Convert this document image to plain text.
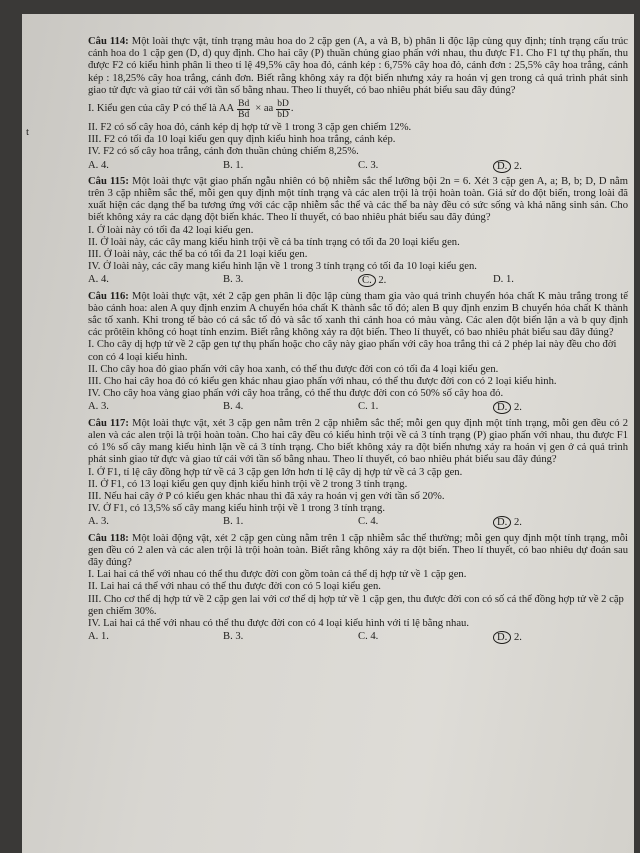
t

Câu 114: Một loài thực vật, tính trạng màu hoa do 2 cặp gen (A, a và B, b) phân li độc lập cùng quy định; tính trạng cấu trúc cánh hoa do 1 cặp gen (D, d) quy định. Cho hai cây (P) thuần chủng giao phấn với nhau, thu được F1. Cho F1 tự thụ phấn, thu được F2 có kiểu hình phân li theo tỉ lệ 49,5% cây hoa đỏ, cánh kép : 6,75% cây hoa đỏ, cánh đơn : 25,5% cây hoa trắng, cánh kép : 18,25% cây hoa trắng, cánh đơn. Biết rằng không xảy ra đột biến nhưng xảy ra hoán vị gen trong cả quá trình phát sinh giao tử đực và giao tử cái với tần số bằng nhau. Theo lí thuyết, có bao nhiêu phát biểu sau đây đúng?

I. Kiểu gen của cây P có thể là AA $\frac{Bd}{Bd}$ × aa $\frac{bD}{bD}$ .

II. F2 có số cây hoa đỏ, cánh kép dị hợp tử về 1 trong 3 cặp gen chiếm 12%.

III. F2 có tối đa 10 loại kiểu gen quy định kiểu hình hoa trắng, cánh kép.

IV. F2 có số cây hoa trắng, cánh đơn thuần chủng chiếm 8,25%.

A. 4.	B. 1.	C. 3.	D. 2.

Câu 115: Một loài thực vật giao phấn ngẫu nhiên có bộ nhiễm sắc thể lưỡng bội 2n = 6. Xét 3 cặp gen A, a; B, b; D, D nằm trên 3 cặp nhiễm sắc thể, mỗi gen quy định một tính trạng và các alen trội là trội hoàn toàn. Giả sử do đột biến, trong loài đã xuất hiện các dạng thể ba tương ứng với các cặp nhiễm sắc thể và các thể ba này đều có sức sống và khả năng sinh sản. Cho biết không xảy ra các dạng đột biến khác. Theo lí thuyết, có bao nhiêu phát biểu sau đây đúng?

I. Ở loài này có tối đa 42 loại kiểu gen.

II. Ở loài này, các cây mang kiểu hình trội về cả ba tính trạng có tối đa 20 loại kiểu gen.

III. Ở loài này, các thể ba có tối đa 21 loại kiểu gen.

IV. Ở loài này, các cây mang kiểu hình lặn về 1 trong 3 tính trạng có tối đa 10 loại kiểu gen.

A. 4.	B. 3.	C. 2.	D. 1.

Câu 116: Một loài thực vật, xét 2 cặp gen phân li độc lập cùng tham gia vào quá trình chuyển hóa chất K màu trắng trong tế bào cánh hoa: alen A quy định enzim A chuyển hóa chất K thành sắc tố đỏ; alen B quy định enzim B chuyển hóa chất K thành sắc tố xanh. Khi trong tế bào có cả sắc tố đỏ và sắc tố xanh thì cánh hoa có màu vàng. Các alen đột biến lặn a và b quy định các prôtêin không có hoạt tính enzim. Biết rằng không xảy ra đột biến. Theo lí thuyết, có bao nhiêu phát biểu sau đây đúng?

I. Cho cây dị hợp tử về 2 cặp gen tự thụ phấn hoặc cho cây này giao phấn với cây hoa trắng thì cả 2 phép lai này đều cho đời con có 4 loại kiểu hình.

II. Cho cây hoa đỏ giao phấn với cây hoa xanh, có thể thu được đời con có tối đa 4 loại kiểu gen.

III. Cho hai cây hoa đỏ có kiểu gen khác nhau giao phấn với nhau, có thể thu được đời con có 2 loại kiểu hình.

IV. Cho cây hoa vàng giao phấn với cây hoa trắng, có thể thu được đời con có 50% số cây hoa đỏ.

A. 3.	B. 4.	C. 1.	D. 2.

Câu 117: Một loài thực vật, xét 3 cặp gen nằm trên 2 cặp nhiễm sắc thể; mỗi gen quy định một tính trạng, mỗi gen đều có 2 alen và các alen trội là trội hoàn toàn. Cho hai cây đều có kiểu hình trội về cả 3 tính trạng (P) giao phấn với nhau, thu được F1 có 1% số cây mang kiểu hình lặn về cả 3 tính trạng. Cho biết không xảy ra đột biến nhưng xảy ra hoán vị gen ở cả quá trình phát sinh giao tử đực và giao tử cái với tần số bằng nhau. Theo lí thuyết, có bao nhiêu phát biểu sau đây đúng?

I. Ở F1, tỉ lệ cây đồng hợp tử về cả 3 cặp gen lớn hơn tỉ lệ cây dị hợp tử về cả 3 cặp gen.

II. Ở F1, có 13 loại kiểu gen quy định kiểu hình trội về 2 trong 3 tính trạng.

III. Nếu hai cây ở P có kiểu gen khác nhau thì đã xảy ra hoán vị gen với tần số 20%.

IV. Ở F1, có 13,5% số cây mang kiểu hình trội về 1 trong 3 tính trạng.

A. 3.	B. 1.	C. 4.	D. 2.

Câu 118: Một loài động vật, xét 2 cặp gen cùng nằm trên 1 cặp nhiễm sắc thể thường; mỗi gen quy định một tính trạng, mỗi gen đều có 2 alen và các alen trội là trội hoàn toàn. Biết rằng không xảy ra đột biến. Theo lí thuyết, có bao nhiêu dự đoán sau đây đúng?

I. Lai hai cá thể với nhau có thể thu được đời con gồm toàn cá thể dị hợp tử về 1 cặp gen.

II. Lai hai cá thể với nhau có thể thu được đời con có 5 loại kiểu gen.

III. Cho cơ thể dị hợp tử về 2 cặp gen lai với cơ thể dị hợp tử về 1 cặp gen, thu được đời con có số cá thể đồng hợp tử về 2 cặp gen chiếm 30%.

IV. Lai hai cá thể với nhau có thể thu được đời con có 4 loại kiểu hình với tỉ lệ bằng nhau.

A. 1.	B. 3.	C. 4.	D. 2.
